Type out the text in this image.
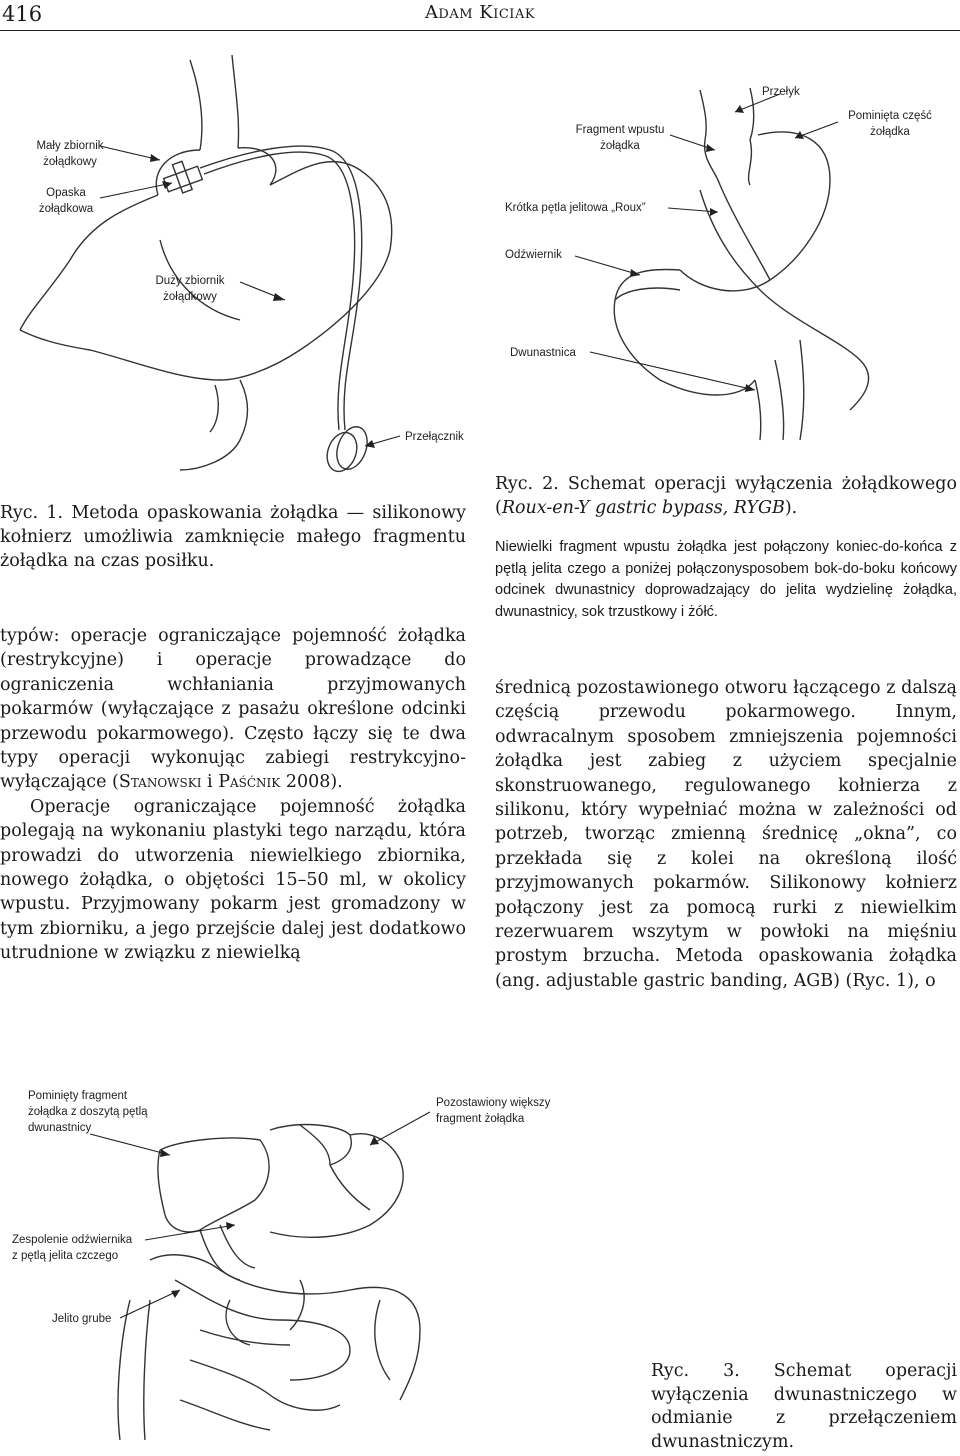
416	Adam Kiciak
Mały zbiornik
żołądkowy
Opaska
żołądkowa
Duży zbiornik
żołądkowy
Przełącznik
Przełyk
Pominięta część
żołądka
Fragment wpustu
żołądka
Krótka pętla jelitowa „Roux”
Odźwiernik
Dwunastnica
Ryc. 1. Metoda opaskowania żołądka — silikonowy kołnierz umożliwia zamknięcie małego fragmentu żołądka na czas posiłku.
Ryc. 2. Schemat operacji wyłączenia żołądkowego (Roux-en-Y gastric bypass, RYGB).
Niewielki fragment wpustu żołądka jest połączony koniec-do-końca z pętlą jelita czego a poniżej połączonysposobem bok-do-boku końcowy odcinek dwunastnicy doprowadzający do jelita wydzielinę żołądka, dwunastnicy, sok trzustkowy i żółć.

typów: operacje ograniczające pojemność żołądka (restrykcyjne) i operacje prowadzące do ograniczenia wchłaniania przyjmowanych pokarmów (wyłączające z pasażu określone odcinki przewodu pokarmowego). Często łączy się te dwa typy operacji wykonując zabiegi restrykcyjno-wyłączające (Stanowski i Paśćnik 2008).

Operacje ograniczające pojemność żołądka polegają na wykonaniu plastyki tego narządu, która prowadzi do utworzenia niewielkiego zbiornika, nowego żołądka, o objętości 15–50 ml, w okolicy wpustu. Przyjmowany pokarm jest gromadzony w tym zbiorniku, a jego przejście dalej jest dodatkowo utrudnione w związku z niewielką

średnicą pozostawionego otworu łączącego z dalszą częścią przewodu pokarmowego. Innym, odwracalnym sposobem zmniejszenia pojemności żołądka jest zabieg z użyciem specjalnie skonstruowanego, regulowanego kołnierza z silikonu, który wypełniać można w zależności od potrzeb, tworząc zmienną średnicę „okna”, co przekłada się z kolei na określoną ilość przyjmowanych pokarmów. Silikonowy kołnierz połączony jest za pomocą rurki z niewielkim rezerwuarem wszytym w powłoki na mięśniu prostym brzucha. Metoda opaskowania żołądka (ang. adjustable gastric banding, AGB) (Ryc. 1), o

Pominięty fragment
żołądka z doszytą pętlą
dwunastnicy
Pozostawiony większy
fragment żołądka
Zespolenie odźwiernika
z pętlą jelita czczego
Jelito grube
Ryc. 3. Schemat operacji wyłączenia dwunastniczego w odmianie z przełączeniem dwunastniczym.
